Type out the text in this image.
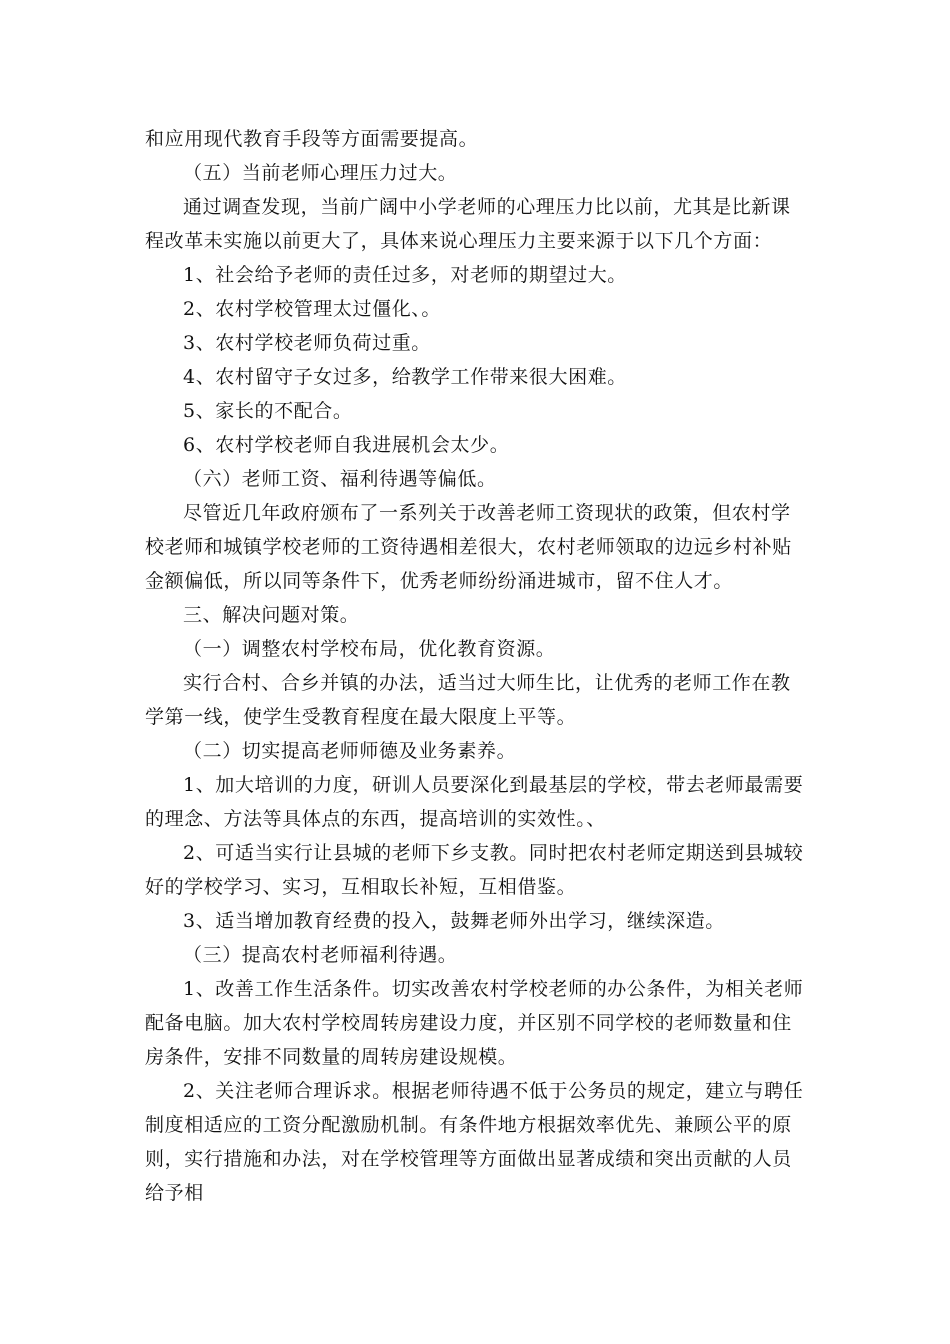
和应用现代教育手段等方面需要提高。

（五）当前老师心理压力过大。

通过调查发现，当前广阔中小学老师的心理压力比以前，尤其是比新课程改革未实施以前更大了，具体来说心理压力主要来源于以下几个方面：

1、社会给予老师的责任过多，对老师的期望过大。

2、农村学校管理太过僵化、。

3、农村学校老师负荷过重。

4、农村留守子女过多，给教学工作带来很大困难。

5、家长的不配合。

6、农村学校老师自我进展机会太少。

（六）老师工资、福利待遇等偏低。

尽管近几年政府颁布了一系列关于改善老师工资现状的政策，但农村学校老师和城镇学校老师的工资待遇相差很大，农村老师领取的边远乡村补贴金额偏低，所以同等条件下，优秀老师纷纷涌进城市，留不住人才。

三、解决问题对策。

（一）调整农村学校布局，优化教育资源。

实行合村、合乡并镇的办法，适当过大师生比，让优秀的老师工作在教学第一线，使学生受教育程度在最大限度上平等。

（二）切实提高老师师德及业务素养。

1、加大培训的力度，研训人员要深化到最基层的学校，带去老师最需要的理念、方法等具体点的东西，提高培训的实效性。、

2、可适当实行让县城的老师下乡支教。同时把农村老师定期送到县城较好的学校学习、实习，互相取长补短，互相借鉴。

3、适当增加教育经费的投入，鼓舞老师外出学习，继续深造。

（三）提高农村老师福利待遇。

1、改善工作生活条件。切实改善农村学校老师的办公条件，为相关老师配备电脑。加大农村学校周转房建设力度，并区别不同学校的老师数量和住房条件，安排不同数量的周转房建设规模。

2、关注老师合理诉求。根据老师待遇不低于公务员的规定，建立与聘任制度相适应的工资分配激励机制。有条件地方根据效率优先、兼顾公平的原则，实行措施和办法，对在学校管理等方面做出显著成绩和突出贡献的人员给予相
